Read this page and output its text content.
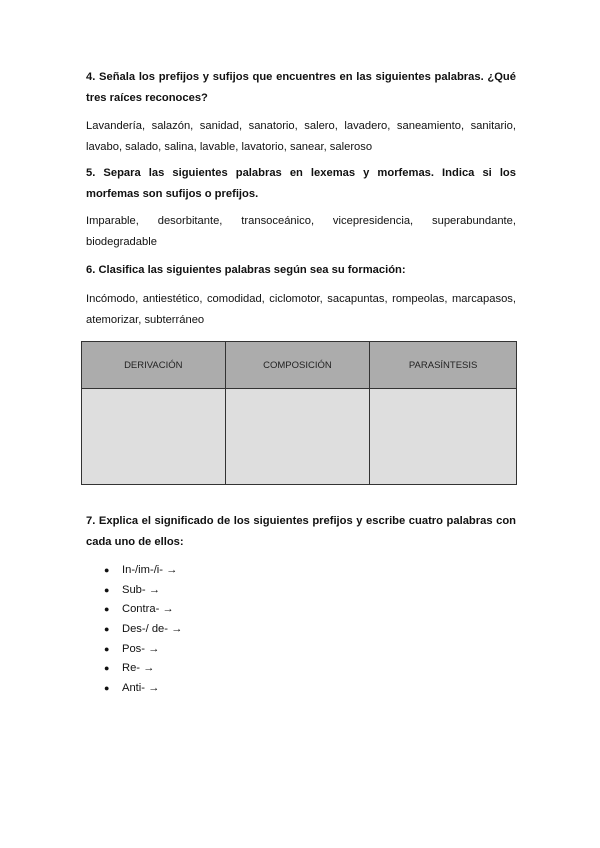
4. Señala los prefijos y sufijos que encuentres en las siguientes palabras. ¿Qué tres raíces reconoces?

Lavandería, salazón, sanidad, sanatorio, salero, lavadero, saneamiento, sanitario,
lavabo, salado, salina, lavable, lavatorio, sanear, saleroso

5. Separa las siguientes palabras en lexemas y morfemas. Indica si los morfemas son sufijos o prefijos.

Imparable, desorbitante, transoceánico, vicepresidencia, superabundante,
biodegradable

6. Clasifica las siguientes palabras según sea su formación:

Incómodo, antiestético, comodidad, ciclomotor, sacapuntas, rompeolas, marcapasos,
atemorizar, subterráneo
DERIVACIÓN	COMPOSICIÓN	PARASÍNTESIS

7. Explica el significado de los siguientes prefijos y escribe cuatro palabras con cada uno de ellos:

● In-/im-/i- →
● Sub- →
● Contra- →
● Des-/ de- →
● Pos- →
● Re- →
● Anti- →
